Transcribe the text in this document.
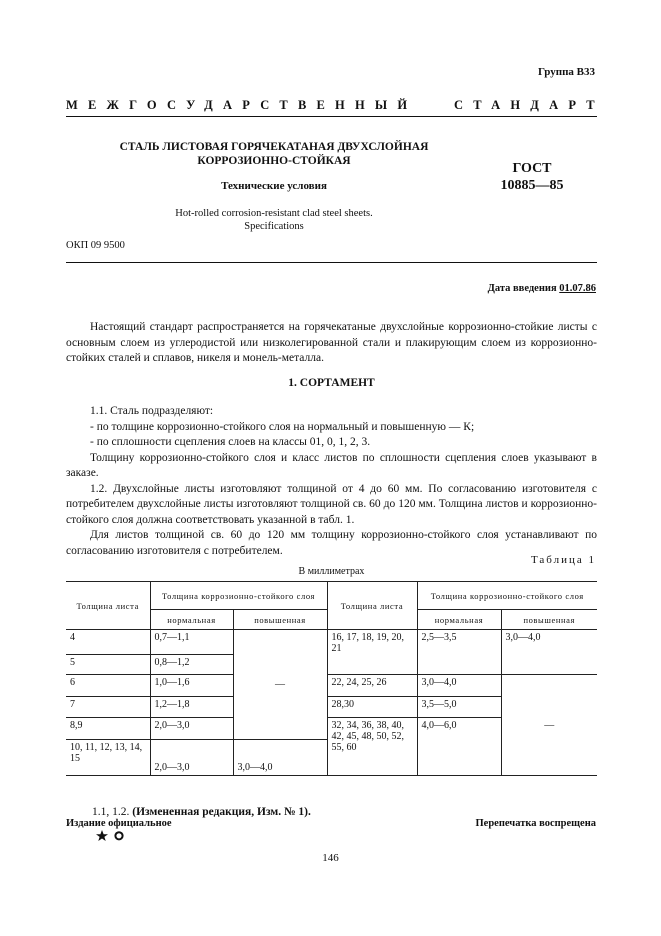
Группа В33
МЕЖГОСУДАРСТВЕННЫЙ	СТАНДАРТ
СТАЛЬ ЛИСТОВАЯ ГОРЯЧЕКАТАНАЯ ДВУХСЛОЙНАЯ
КОРРОЗИОННО-СТОЙКАЯ
Технические условия
Hot-rolled corrosion-resistant clad steel sheets.
Specifications
ГОСТ
10885—85
ОКП 09 9500
Дата введения 01.07.86
Настоящий стандарт распространяется на горячекатаные двухслойные коррозионно-стойкие листы с основным слоем из углеродистой или низколегированной стали и плакирующим слоем из коррозионно-стойких сталей и сплавов, никеля и монель-металла.
1. СОРТАМЕНТ
1.1. Сталь подразделяют:
- по толщине коррозионно-стойкого слоя на нормальный и повышенную — К;
- по сплошности сцепления слоев на классы 01, 0, 1, 2, 3.
Толщину коррозионно-стойкого слоя и класс листов по сплошности сцепления слоев указывают в заказе.
1.2. Двухслойные листы изготовляют толщиной от 4 до 60 мм. По согласованию изготовителя с потребителем двухслойные листы изготовляют толщиной св. 60 до 120 мм. Толщина листов и коррозионно-стойкого слоя должна соответствовать указанной в табл. 1.
Для листов толщиной св. 60 до 120 мм толщину коррозионно-стойкого слоя устанавливают по согласованию изготовителя с потребителем.
Таблица 1
В миллиметрах
Толщина листа	Толщина коррозионно-стойкого слоя		Толщина листа	Толщина коррозионно-стойкого слоя	
	нормальная	повышенная		нормальная	повышенная
4	0,7—1,1	—	16, 17, 18, 19, 20, 21	2,5—3,5	3,0—4,0
5	0,8—1,2				
6	1,0—1,6		22, 24, 25, 26	3,0—4,0	—
7	1,2—1,8		28,30	3,5—5,0	
8,9	2,0—3,0		32, 34, 36, 38, 40, 42, 45, 48, 50, 52, 55, 60	4,0—6,0	
10, 11, 12, 13, 14, 15	2,0—3,0	3,0—4,0			
1.1, 1.2. (Измененная редакция, Изм. № 1).
Издание официальное	Перепечатка воспрещена
146
